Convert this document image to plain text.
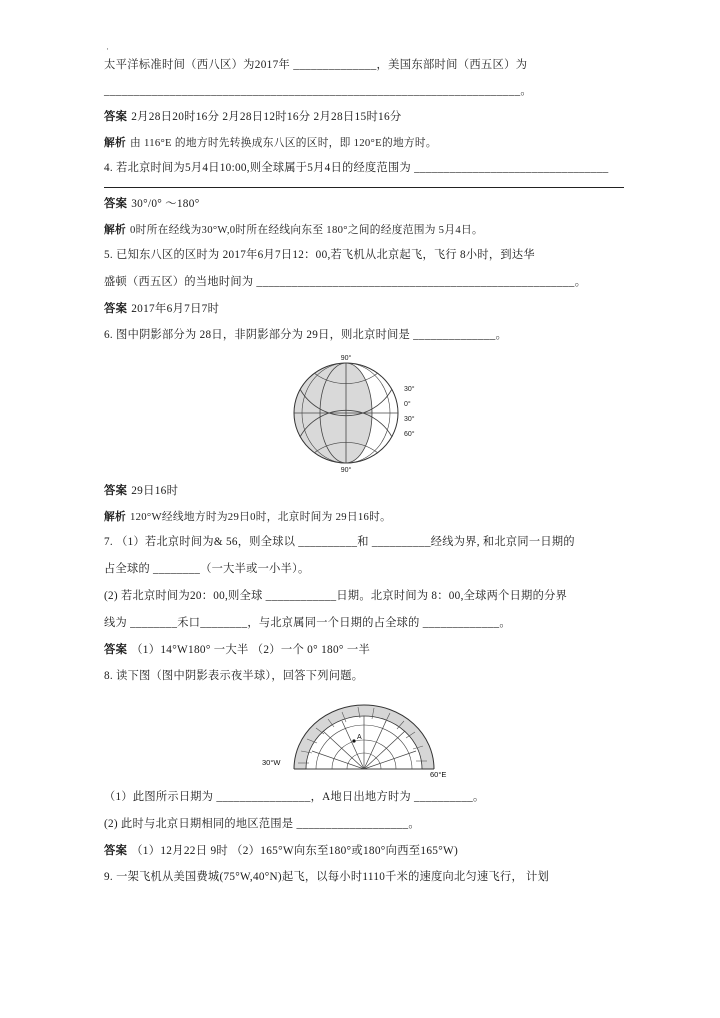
·
太平洋标准时间（西八区）为2017年 ______________，美国东部时间（西五区）为
______________________________________________________________________。
答案 2月28日20时16分 2月28日12时16分 2月28日15时16分
解析 由 116°E 的地方时先转换成东八区的区时，即 120°E的地方时。
4. 若北京时间为5月4日10:00,则全球属于5月4日的经度范围为 _________________________________
答案 30°/0° ～180°
解析 0时所在经线为30°W,0时所在经线向东至 180°之间的经度范围为 5月4日。
5. 已知东八区的区时为 2017年6月7日12：00,若飞机从北京起飞，飞行 8小时，到达华
盛顿（西五区）的当地时间为 ______________________________________________________。
答案 2017年6月7日7时
6. 图中阴影部分为 28日，非阴影部分为 29日，则北京时间是 ______________。
90°
90°
30°
0°
30°
60°
答案 29日16时
解析 120°W经线地方时为29日0时，北京时间为 29日16时。
7. （1）若北京时间为& 56，则全球以 __________和 __________经线为界, 和北京同一日期的
占全球的 ________（一大半或一小半）。
(2) 若北京时间为20：00,则全球 ____________日期。北京时间为 8：00,全球两个日期的分界
线为 ________禾口________，与北京属同一个日期的占全球的 _____________。
答案 （1）14°W180° 一大半 （2）一个 0° 180° 一半
8. 读下图（图中阴影表示夜半球），回答下列问题。
A
30°W
60°E
（1）此图所示日期为 ________________，A地日出地方时为 __________。
(2) 此时与北京日期相同的地区范围是 ___________________。
答案 （1）12月22日 9时 （2）165°W向东至180°或180°向西至165°W)
9. 一架飞机从美国费城(75°W,40°N)起飞，以每小时1110千米的速度向北匀速飞行， 计划
